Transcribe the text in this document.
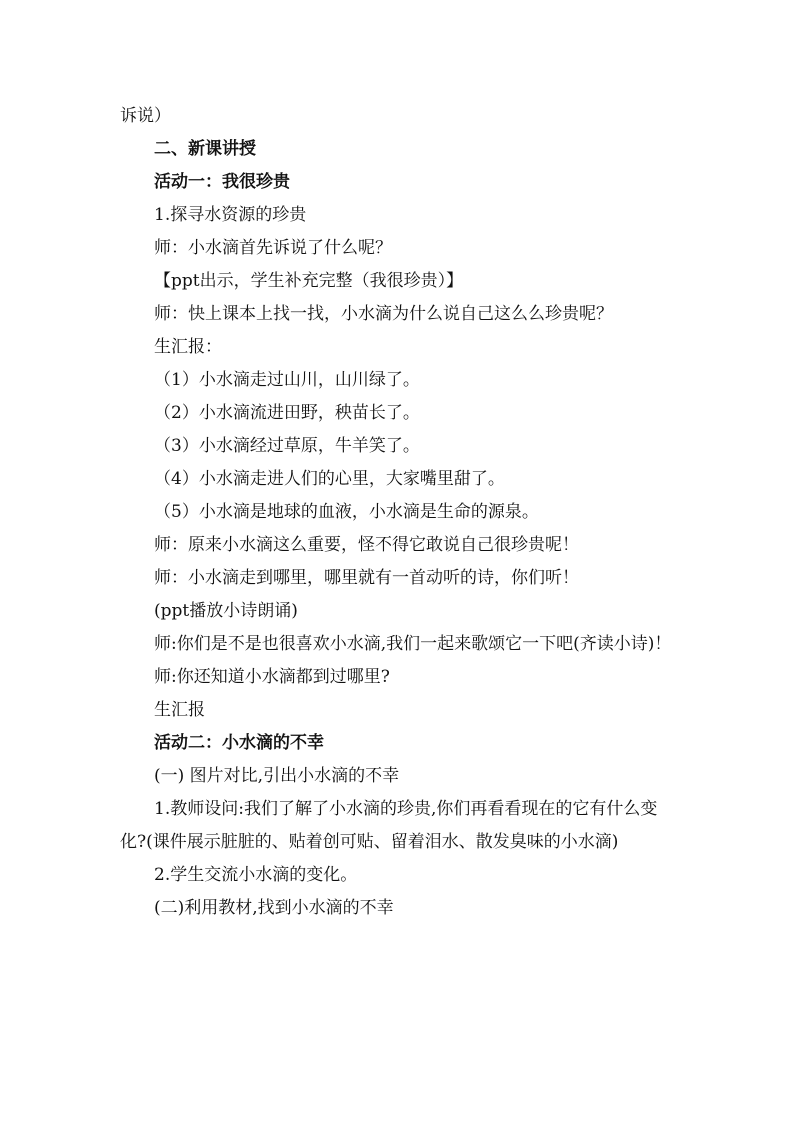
诉说）

二、新课讲授

活动一：我很珍贵

1.探寻水资源的珍贵

师：小水滴首先诉说了什么呢？

【ppt出示，学生补充完整（我很珍贵）】

师：快上课本上找一找，小水滴为什么说自己这么么珍贵呢？

生汇报：

（1）小水滴走过山川，山川绿了。

（2）小水滴流进田野，秧苗长了。

（3）小水滴经过草原，牛羊笑了。

（4）小水滴走进人们的心里，大家嘴里甜了。

（5）小水滴是地球的血液，小水滴是生命的源泉。

师：原来小水滴这么重要，怪不得它敢说自己很珍贵呢！

师：小水滴走到哪里，哪里就有一首动听的诗，你们听！

(ppt播放小诗朗诵)

师:你们是不是也很喜欢小水滴,我们一起来歌颂它一下吧(齐读小诗)！

师:你还知道小水滴都到过哪里?

生汇报

活动二：小水滴的不幸

(一) 图片对比,引出小水滴的不幸

1.教师设问:我们了解了小水滴的珍贵,你们再看看现在的它有什么变化?(课件展示脏脏的、贴着创可贴、留着泪水、散发臭味的小水滴)

2.学生交流小水滴的变化。

(二)利用教材,找到小水滴的不幸
